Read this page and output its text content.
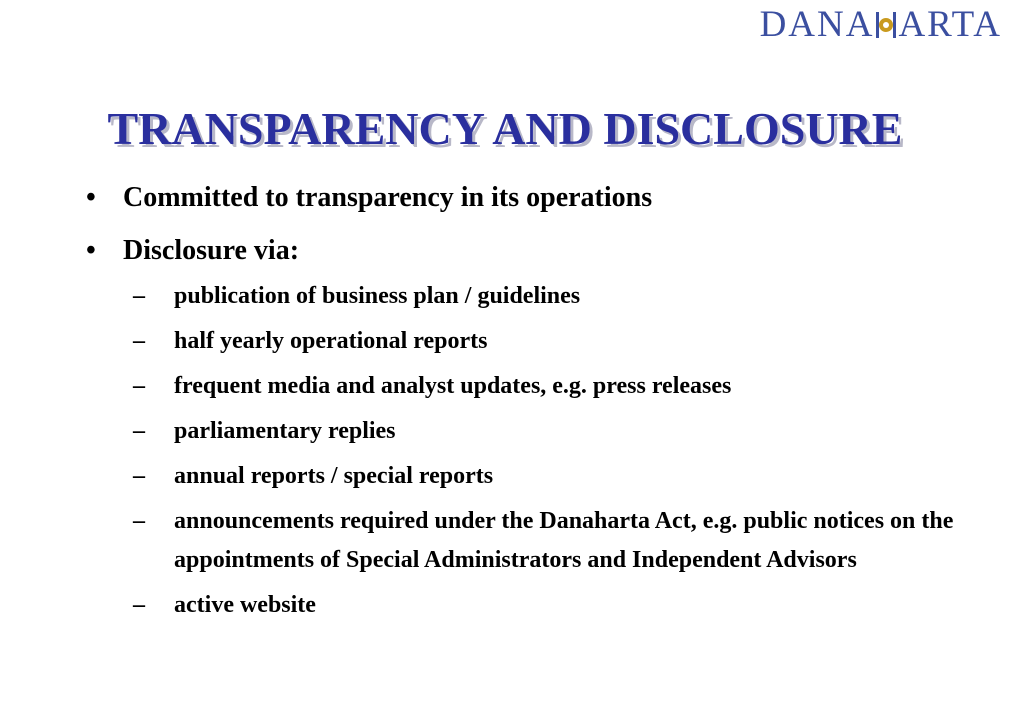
DANA ARTA
TRANSPARENCY AND DISCLOSURE
• Committed to transparency in its operations
• Disclosure via:
– publication of business plan / guidelines
– half yearly operational reports
– frequent media and analyst updates, e.g. press releases
– parliamentary replies
– annual reports / special reports
– announcements required under the Danaharta Act, e.g. public notices on the appointments of Special Administrators and Independent Advisors
– active website
